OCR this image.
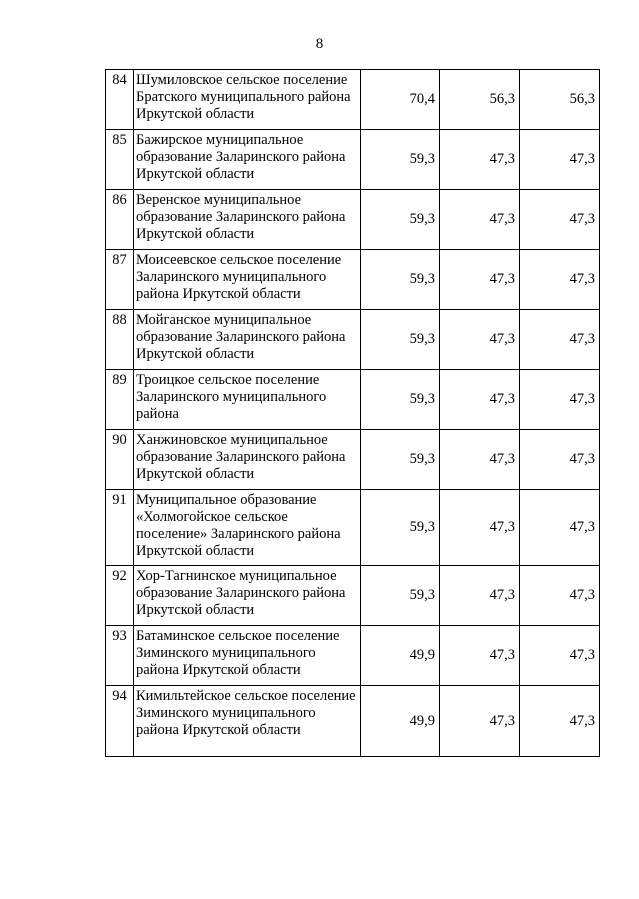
8
84	Шумиловское сельское поселение Братского муниципального района Иркутской области	70,4	56,3	56,3
85	Бажирское муниципальное образование Заларинского района Иркутской области	59,3	47,3	47,3
86	Веренское муниципальное образование Заларинского района Иркутской области	59,3	47,3	47,3
87	Моисеевское сельское поселение Заларинского муниципального района Иркутской области	59,3	47,3	47,3
88	Мойганское муниципальное образование Заларинского района Иркутской области	59,3	47,3	47,3
89	Троицкое сельское поселение Заларинского муниципального района	59,3	47,3	47,3
90	Ханжиновское муниципальное образование Заларинского района Иркутской области	59,3	47,3	47,3
91	Муниципальное образование «Холмогойское сельское поселение» Заларинского района Иркутской области	59,3	47,3	47,3
92	Хор-Тагнинское муниципальное образование Заларинского района Иркутской области	59,3	47,3	47,3
93	Батаминское сельское поселение Зиминского муниципального района Иркутской области	49,9	47,3	47,3
94	Кимильтейское сельское поселение Зиминского муниципального района Иркутской области	49,9	47,3	47,3
